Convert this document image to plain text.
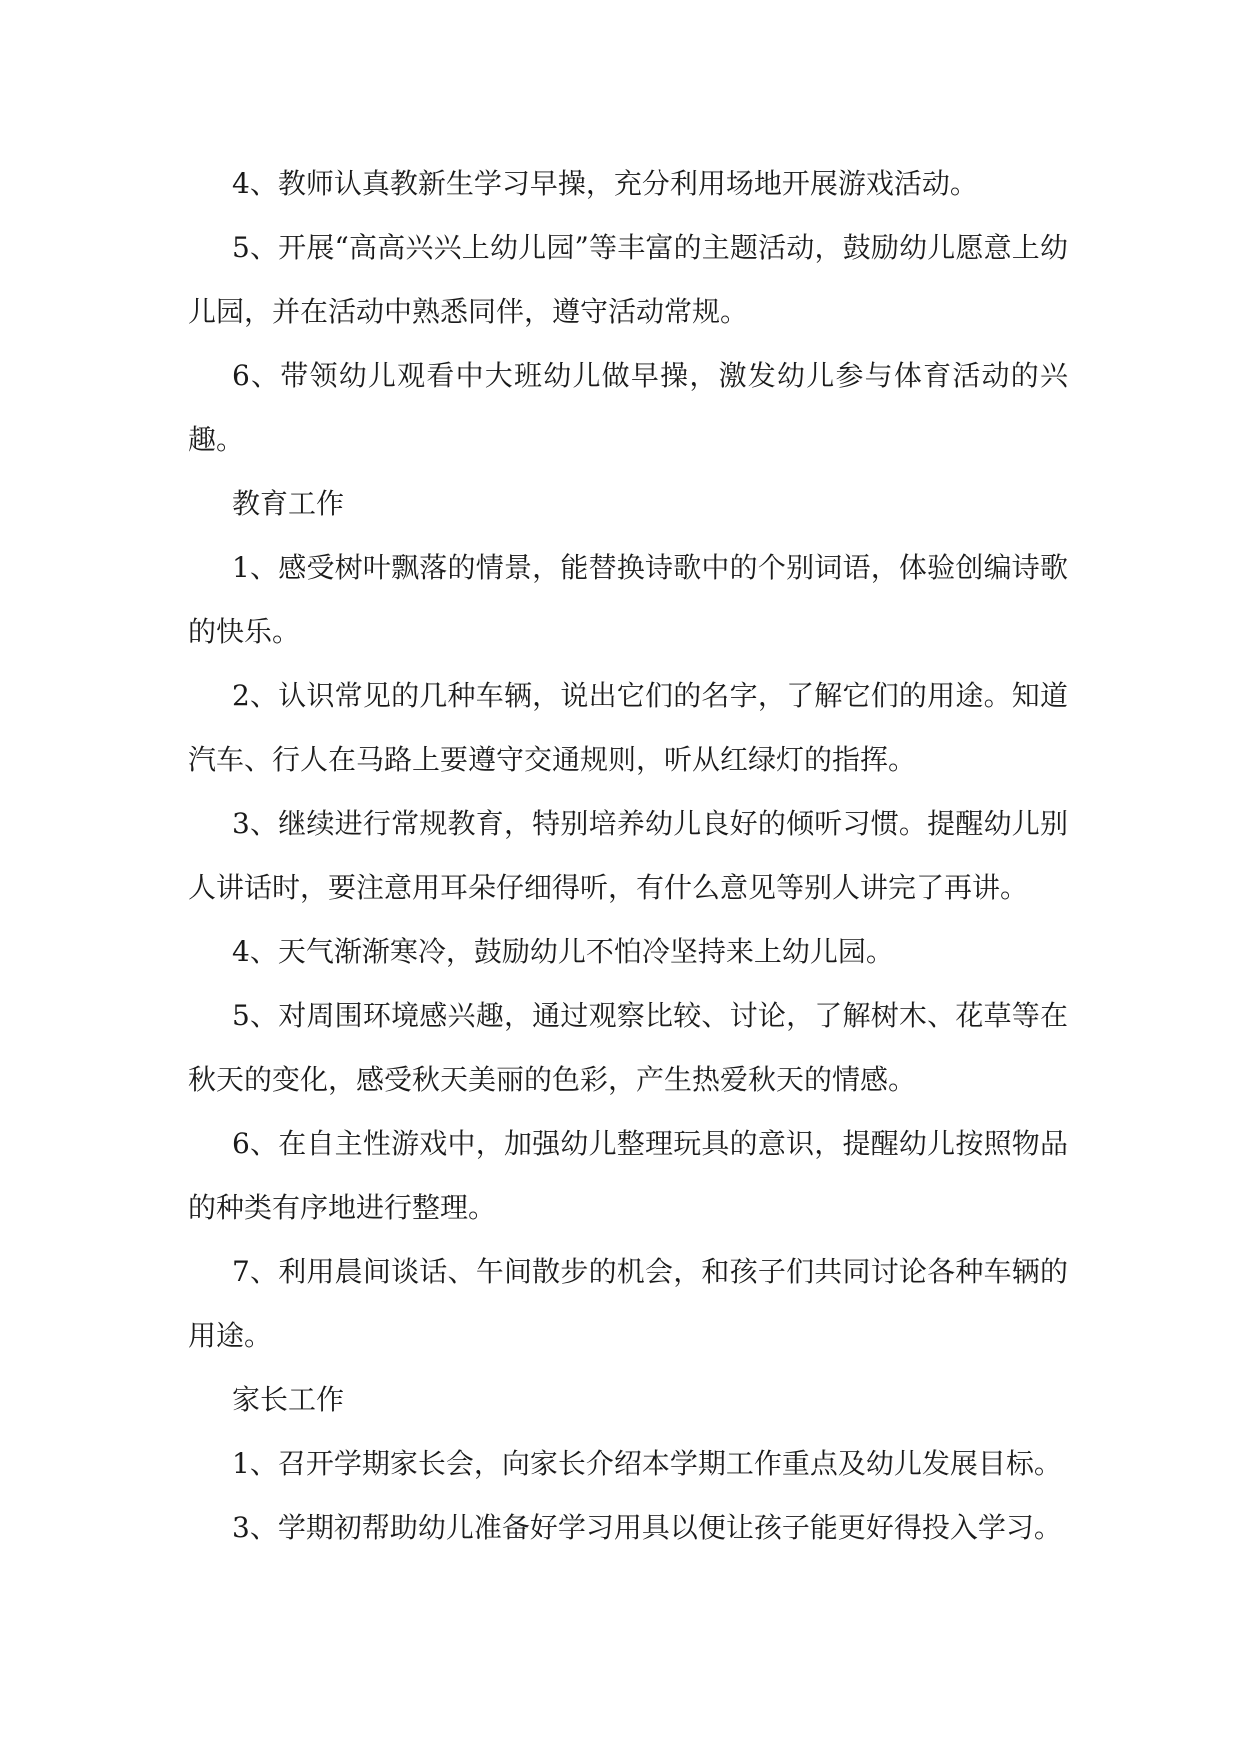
4、教师认真教新生学习早操，充分利用场地开展游戏活动。

5、开展“高高兴兴上幼儿园”等丰富的主题活动，鼓励幼儿愿意上幼儿园，并在活动中熟悉同伴，遵守活动常规。

6、带领幼儿观看中大班幼儿做早操，激发幼儿参与体育活动的兴趣。

教育工作

1、感受树叶飘落的情景，能替换诗歌中的个别词语，体验创编诗歌的快乐。

2、认识常见的几种车辆，说出它们的名字，了解它们的用途。知道汽车、行人在马路上要遵守交通规则，听从红绿灯的指挥。

3、继续进行常规教育，特别培养幼儿良好的倾听习惯。提醒幼儿别人讲话时，要注意用耳朵仔细得听，有什么意见等别人讲完了再讲。

4、天气渐渐寒冷，鼓励幼儿不怕冷坚持来上幼儿园。

5、对周围环境感兴趣，通过观察比较、讨论，了解树木、花草等在秋天的变化，感受秋天美丽的色彩，产生热爱秋天的情感。

6、在自主性游戏中，加强幼儿整理玩具的意识，提醒幼儿按照物品的种类有序地进行整理。

7、利用晨间谈话、午间散步的机会，和孩子们共同讨论各种车辆的用途。

家长工作

1、召开学期家长会，向家长介绍本学期工作重点及幼儿发展目标。

3、学期初帮助幼儿准备好学习用具以便让孩子能更好得投入学习。
